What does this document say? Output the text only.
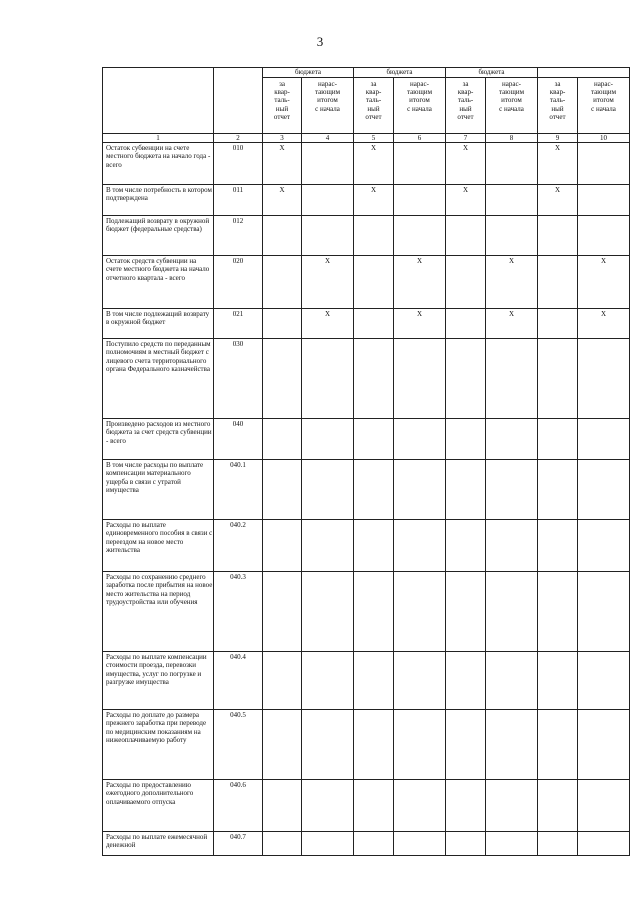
3
		бюджета		бюджета		бюджета			
		за
квар-
таль-
ный
отчет	нарас-
тающим
итогом
с начала	за
квар-
таль-
ный
отчет	нарас-
тающим
итогом
с начала	за
квар-
таль-
ный
отчет	нарас-
тающим
итогом
с начала	за
квар-
таль-
ный
отчет	нарас-
тающим
итогом
с начала
1	2	3	4	5	6	7	8	9	10
Остаток субвенции на счете местного бюджета на начало года - всего	010	X		X		X		X	
В том числе потребность в котором подтверждена	011	X		X		X		X	
Подлежащий возврату в окружной бюджет (федеральные средства)	012								
Остаток средств субвенции на счете местного бюджета на начало отчетного квартала - всего	020		X		X		X		X
В том числе подлежащий возврату в окружной бюджет	021		X		X		X		X
Поступило средств по переданным полномочиям в местный бюджет с лицевого счета территориального органа Федерального казначейства	030								
Произведено расходов из местного бюджета за счет средств субвенции - всего	040								
В том числе расходы по выплате компенсации материального ущерба в связи с утратой имущества	040.1								
Расходы по выплате единовременного пособия в связи с переездом на новое место жительства	040.2								
Расходы по сохранению среднего заработка после прибытия на новое место жительства на период трудоустройства или обучения	040.3								
Расходы по выплате компенсации стоимости проезда, перевозки имущества, услуг по погрузке и разгрузке имущества	040.4								
Расходы по доплате до размера прежнего заработка при переводе по медицинским показаниям на нижеоплачиваемую работу	040.5								
Расходы по предоставлению ежегодного дополнительного оплачиваемого отпуска	040.6								
Расходы по выплате ежемесячной денежной	040.7								
